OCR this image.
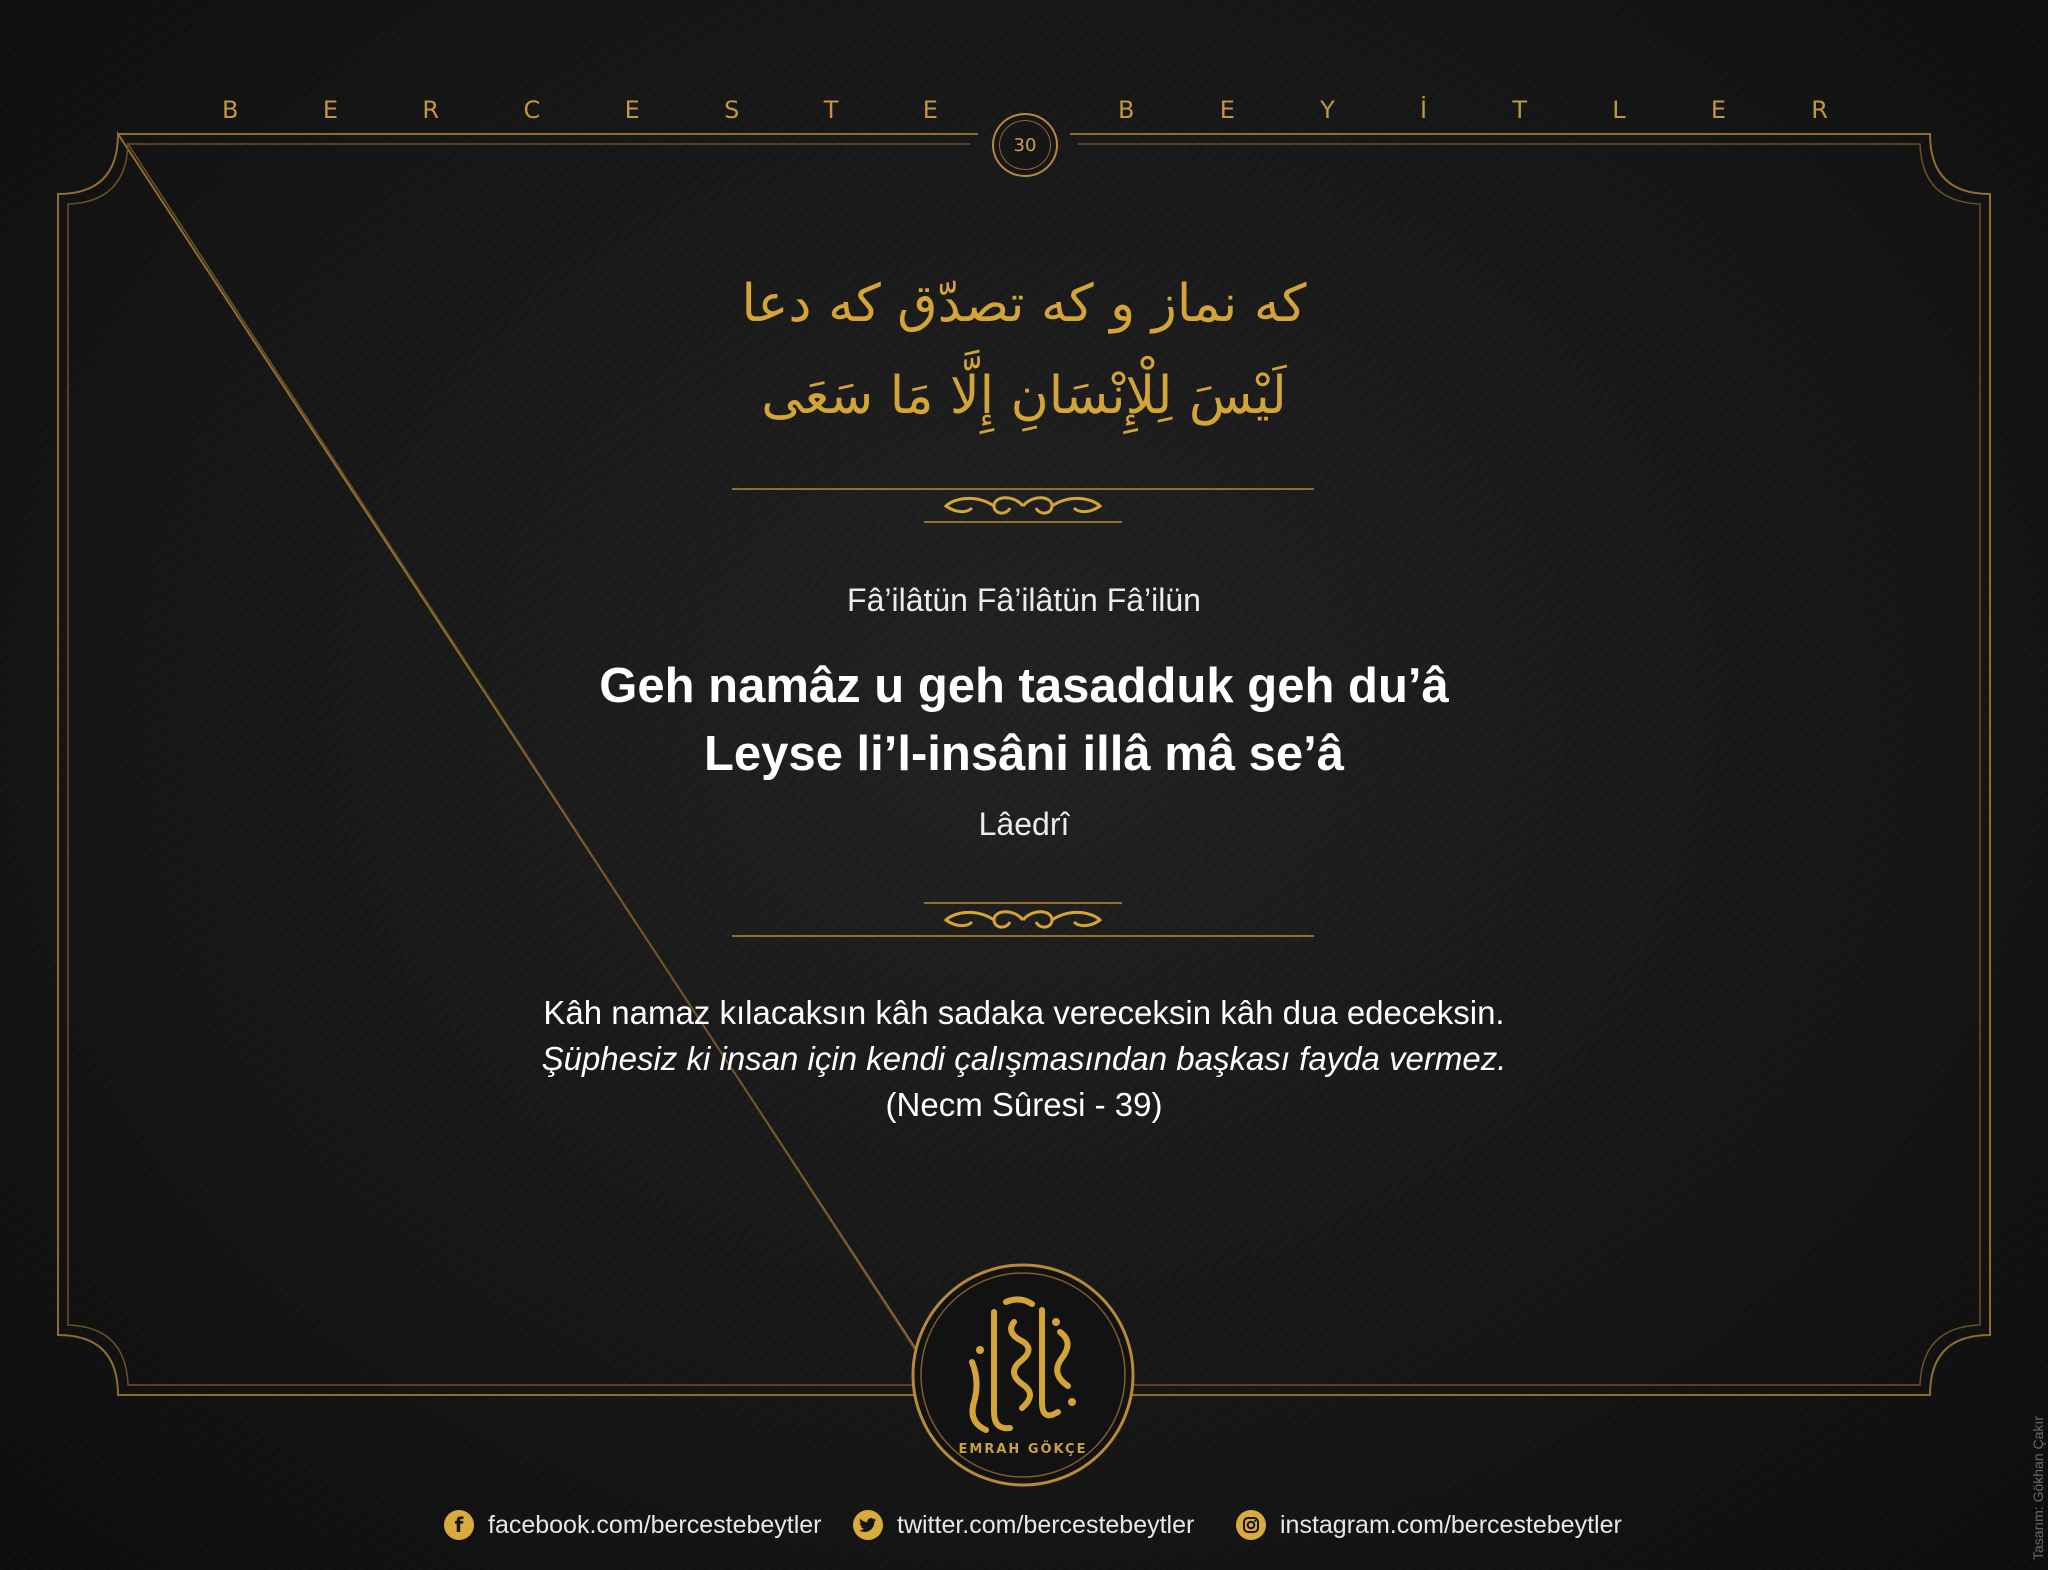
B	E	R	C	E	S	T	E	B	E	Y	İ	T	L	E	R
30
که نماز و که تصدّق که دعا
لَيْسَ لِلْإِنْسَانِ إِلَّا مَا سَعَى
Fâ’ilâtün Fâ’ilâtün Fâ’ilün
Geh namâz u geh tasadduk geh du’â
Leyse li’l-insâni illâ mâ se’â
Lâedrî
Kâh namaz kılacaksın kâh sadaka vereceksin kâh dua edeceksin.
Şüphesiz ki insan için kendi çalışmasından başkası fayda vermez.
(Necm Sûresi - 39)
EMRAH GÖKÇE
f facebook.com/bercestebeytler	twitter.com/bercestebeytler	instagram.com/bercestebeytler	Tasarım: Gökhan Çakır
